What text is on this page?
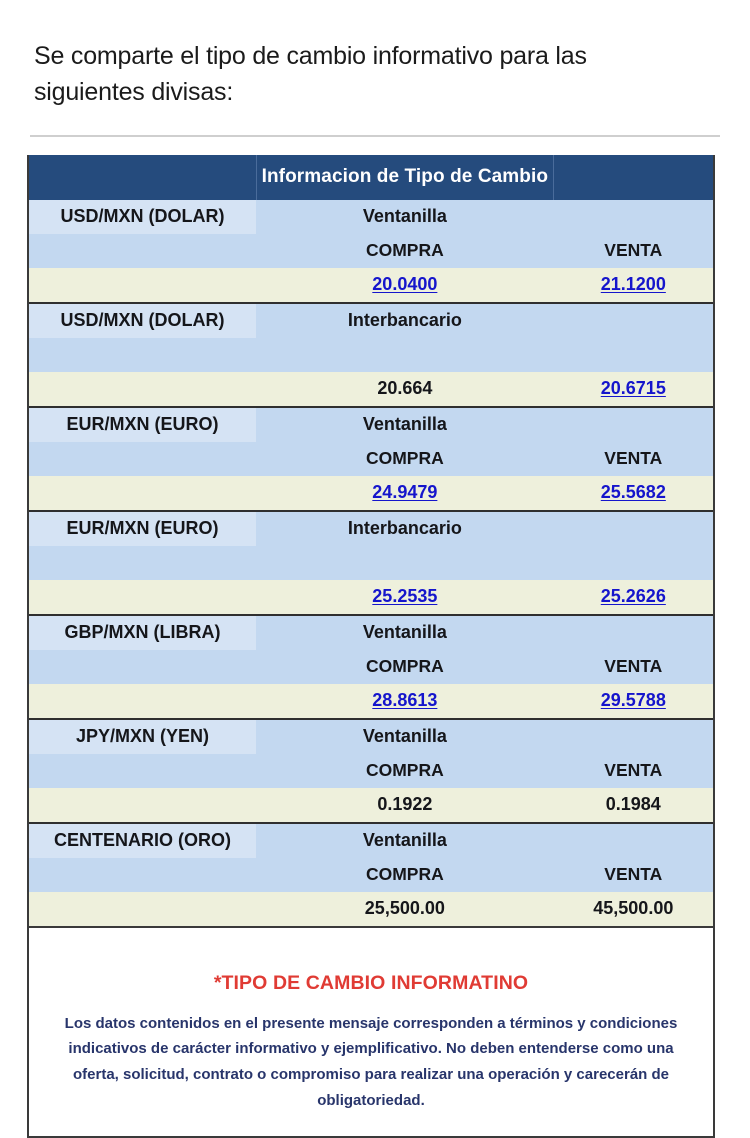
Se comparte el tipo de cambio informativo para las siguientes divisas:

	Informacion de Tipo de Cambio	
USD/MXN (DOLAR)	Ventanilla	
	COMPRA	VENTA
	20.0400	21.1200
USD/MXN (DOLAR)	Interbancario	

	20.664	20.6715
EUR/MXN (EURO)	Ventanilla	
	COMPRA	VENTA
	24.9479	25.5682
EUR/MXN (EURO)	Interbancario	

	25.2535	25.2626
GBP/MXN (LIBRA)	Ventanilla	
	COMPRA	VENTA
	28.8613	29.5788
JPY/MXN (YEN)	Ventanilla	
	COMPRA	VENTA
	0.1922	0.1984
CENTENARIO (ORO)	Ventanilla	
	COMPRA	VENTA
	25,500.00	45,500.00
*TIPO DE CAMBIO INFORMATINO
Los datos contenidos en el presente mensaje corresponden a términos y condiciones indicativos de carácter informativo y ejemplificativo. No deben entenderse como una oferta, solicitud, contrato o compromiso para realizar una operación y carecerán de obligatoriedad.
